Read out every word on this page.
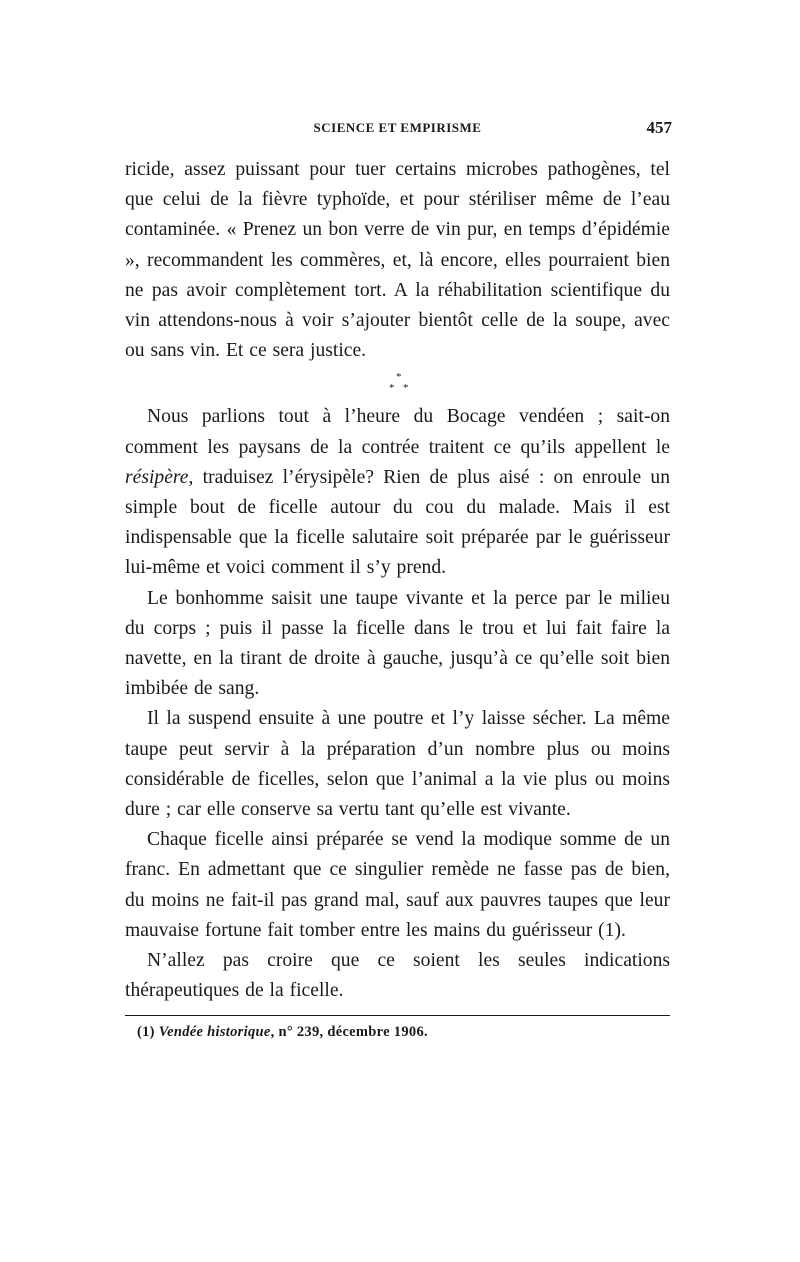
SCIENCE ET EMPIRISME	457

ricide, assez puissant pour tuer certains microbes pathogènes, tel que celui de la fièvre typhoïde, et pour stériliser même de l’eau contaminée. « Prenez un bon verre de vin pur, en temps d’épidémie », recommandent les commères, et, là encore, elles pourraient bien ne pas avoir complètement tort. A la réhabilitation scientifique du vin attendons-nous à voir s’ajouter bientôt celle de la soupe, avec ou sans vin. Et ce sera justice.

*
* *

Nous parlions tout à l’heure du Bocage vendéen ; sait-on comment les paysans de la contrée traitent ce qu’ils appellent le résipère, traduisez l’érysipèle? Rien de plus aisé : on enroule un simple bout de ficelle autour du cou du malade. Mais il est indispensable que la ficelle salutaire soit préparée par le guérisseur lui-même et voici comment il s’y prend.

Le bonhomme saisit une taupe vivante et la perce par le milieu du corps ; puis il passe la ficelle dans le trou et lui fait faire la navette, en la tirant de droite à gauche, jusqu’à ce qu’elle soit bien imbibée de sang.

Il la suspend ensuite à une poutre et l’y laisse sécher. La même taupe peut servir à la préparation d’un nombre plus ou moins considérable de ficelles, selon que l’animal a la vie plus ou moins dure ; car elle conserve sa vertu tant qu’elle est vivante.

Chaque ficelle ainsi préparée se vend la modique somme de un franc. En admettant que ce singulier remède ne fasse pas de bien, du moins ne fait-il pas grand mal, sauf aux pauvres taupes que leur mauvaise fortune fait tomber entre les mains du guérisseur (1).

N’allez pas croire que ce soient les seules indications thérapeutiques de la ficelle.

(1) Vendée historique, n° 239, décembre 1906.
